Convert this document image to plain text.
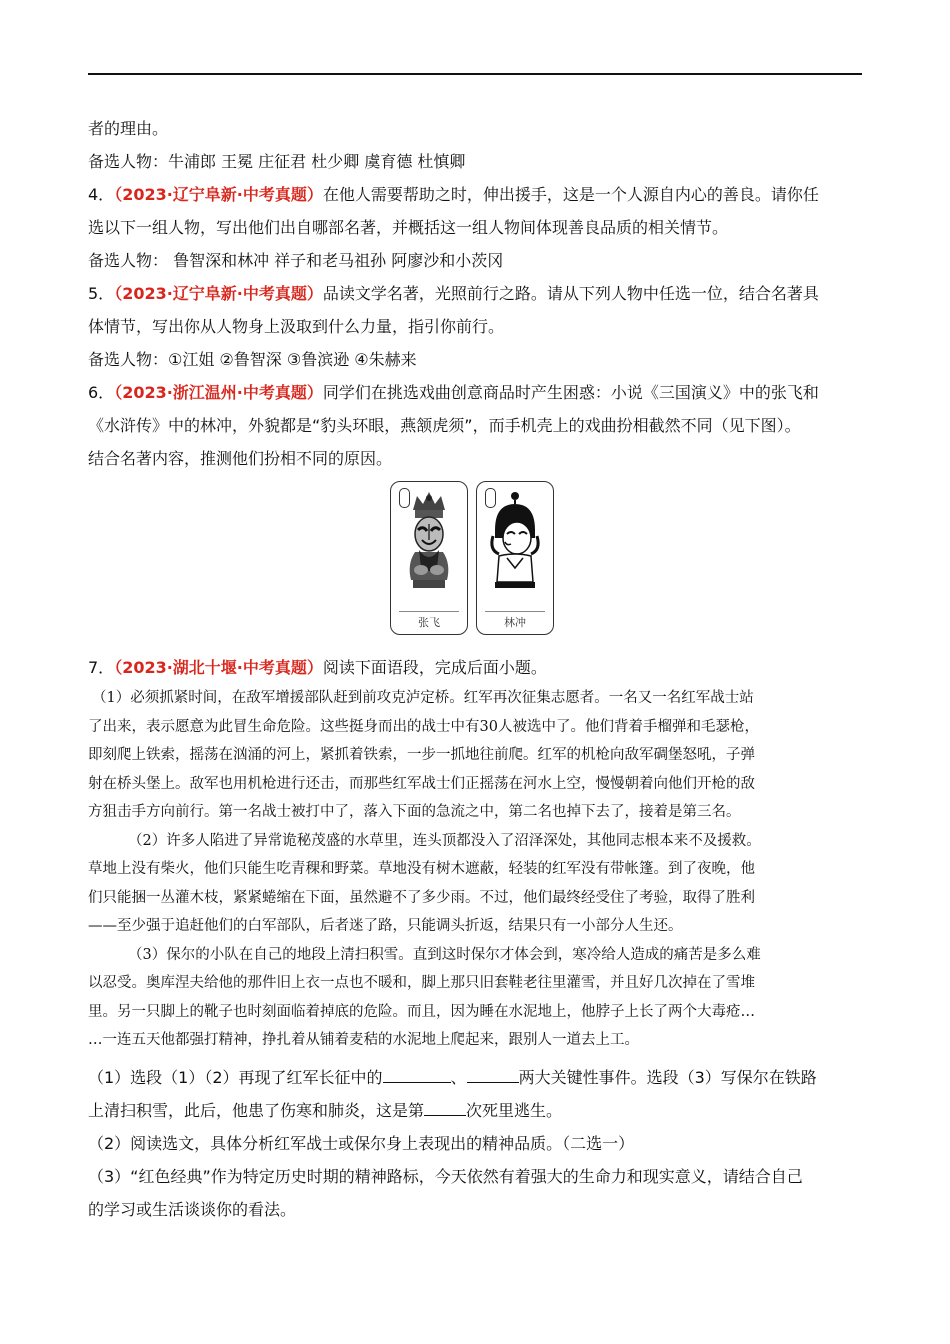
者的理由。
备选人物：牛浦郎 王冕 庄征君 杜少卿 虞育德 杜慎卿
4．（2023·辽宁阜新·中考真题）在他人需要帮助之时，伸出援手，这是一个人源自内心的善良。请你任
选以下一组人物，写出他们出自哪部名著，并概括这一组人物间体现善良品质的相关情节。
备选人物： 鲁智深和林冲 祥子和老马祖孙 阿廖沙和小茨冈
5．（2023·辽宁阜新·中考真题）品读文学名著，光照前行之路。请从下列人物中任选一位，结合名著具
体情节，写出你从人物身上汲取到什么力量，指引你前行。
备选人物：①江姐 ②鲁智深 ③鲁滨逊 ④朱赫来
6．（2023·浙江温州·中考真题）同学们在挑选戏曲创意商品时产生困惑：小说《三国演义》中的张飞和
《水浒传》中的林冲，外貌都是“豹头环眼，燕颔虎须”，而手机壳上的戏曲扮相截然不同（见下图）。
结合名著内容，推测他们扮相不同的原因。
张飞	林冲
7．（2023·湖北十堰·中考真题）阅读下面语段，完成后面小题。

（1）必须抓紧时间，在敌军增援部队赶到前攻克泸定桥。红军再次征集志愿者。一名又一名红军战士站

了出来，表示愿意为此冒生命危险。这些挺身而出的战士中有30人被选中了。他们背着手榴弹和毛瑟枪，

即刻爬上铁索，摇荡在汹涌的河上，紧抓着铁索，一步一抓地往前爬。红军的机枪向敌军碉堡怒吼，子弹

射在桥头堡上。敌军也用机枪进行还击，而那些红军战士们正摇荡在河水上空，慢慢朝着向他们开枪的敌

方狙击手方向前行。第一名战士被打中了，落入下面的急流之中，第二名也掉下去了，接着是第三名。

（2）许多人陷进了异常诡秘茂盛的水草里，连头顶都没入了沼泽深处，其他同志根本来不及援救。

草地上没有柴火，他们只能生吃青稞和野菜。草地没有树木遮蔽，轻装的红军没有带帐篷。到了夜晚，他

们只能捆一丛灌木枝，紧紧蜷缩在下面，虽然避不了多少雨。不过，他们最终经受住了考验，取得了胜利

——至少强于追赶他们的白军部队，后者迷了路，只能调头折返，结果只有一小部分人生还。

（3）保尔的小队在自己的地段上清扫积雪。直到这时保尔才体会到，寒冷给人造成的痛苦是多么难

以忍受。奥库涅夫给他的那件旧上衣一点也不暖和，脚上那只旧套鞋老往里灌雪，并且好几次掉在了雪堆

里。另一只脚上的靴子也时刻面临着掉底的危险。而且，因为睡在水泥地上，他脖子上长了两个大毒疮…

…一连五天他都强打精神，挣扎着从铺着麦秸的水泥地上爬起来，跟别人一道去上工。

（1）选段（1）（2）再现了红军长征中的	、	两大关键性事件。选段（3）写保尔在铁路
上清扫积雪，此后，他患了伤寒和肺炎，这是第	次死里逃生。
（2）阅读选文，具体分析红军战士或保尔身上表现出的精神品质。（二选一）
（3）“红色经典”作为特定历史时期的精神路标，今天依然有着强大的生命力和现实意义，请结合自己
的学习或生活谈谈你的看法。
